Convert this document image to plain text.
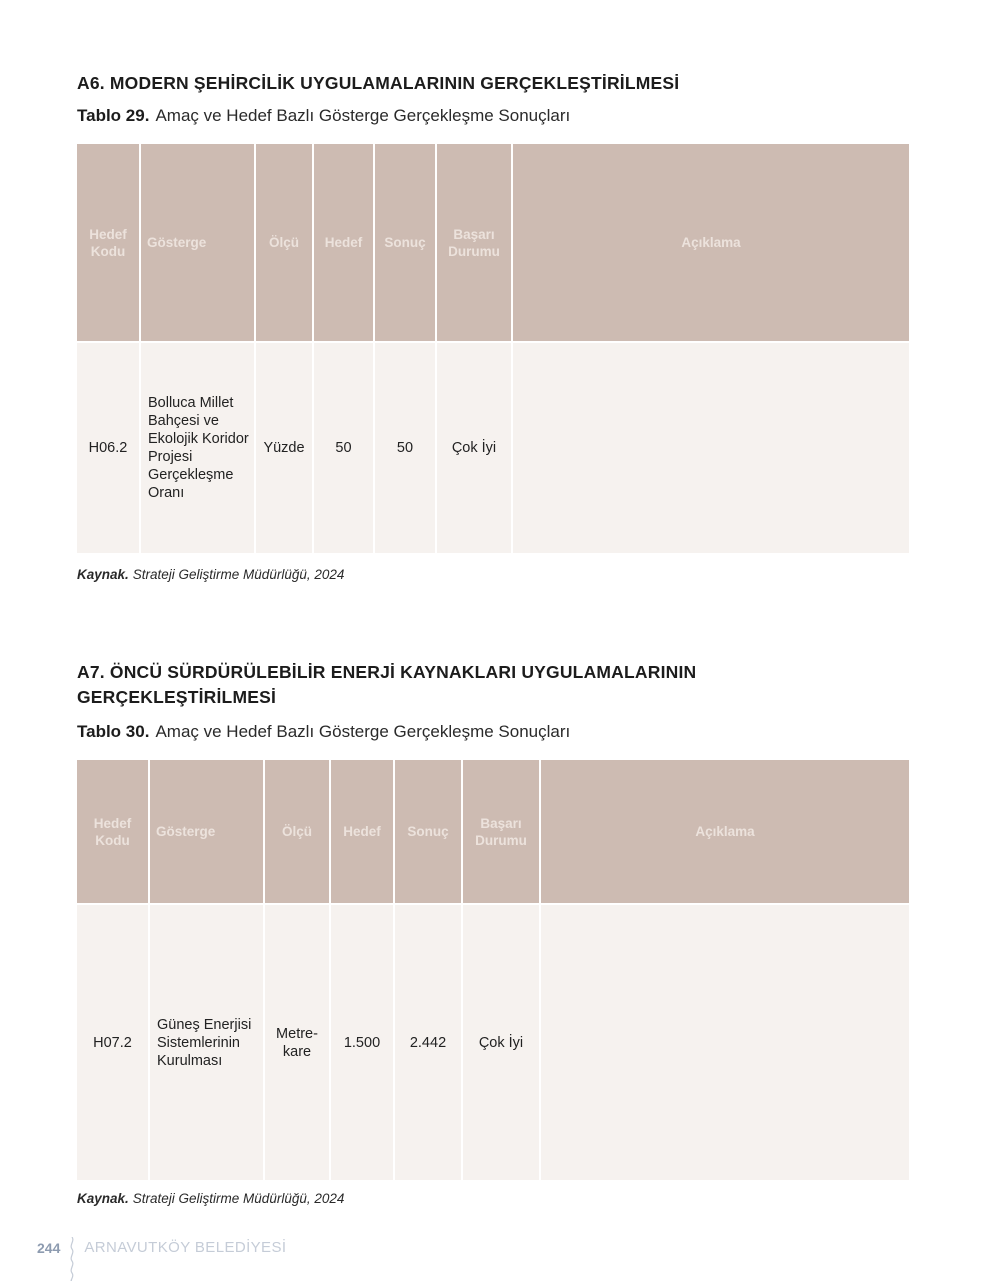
A6. MODERN ŞEHİRCİLİK UYGULAMALARININ GERÇEKLEŞTİRİLMESİ
Tablo 29. Amaç ve Hedef Bazlı Gösterge Gerçekleşme Sonuçları
Hedef Kodu	Gösterge	Ölçü	Hedef	Sonuç	Başarı Durumu	Açıklama
H06.2	Bolluca Millet Bahçesi ve Ekolojik Koridor Projesi Gerçekleşme Oranı	Yüzde	50	50	Çok İyi	
Kaynak. Strateji Geliştirme Müdürlüğü, 2024
A7. ÖNCÜ SÜRDÜRÜLEBİLİR ENERJİ KAYNAKLARI UYGULAMALARININ
GERÇEKLEŞTİRİLMESİ
Tablo 30. Amaç ve Hedef Bazlı Gösterge Gerçekleşme Sonuçları
Hedef Kodu	Gösterge	Ölçü	Hedef	Sonuç	Başarı Durumu	Açıklama
H07.2	Güneş Enerjisi Sistemlerinin Kurulması	Metre-kare	1.500	2.442	Çok İyi	
Kaynak. Strateji Geliştirme Müdürlüğü, 2024
244 ARNAVUTKÖY BELEDİYESİ
